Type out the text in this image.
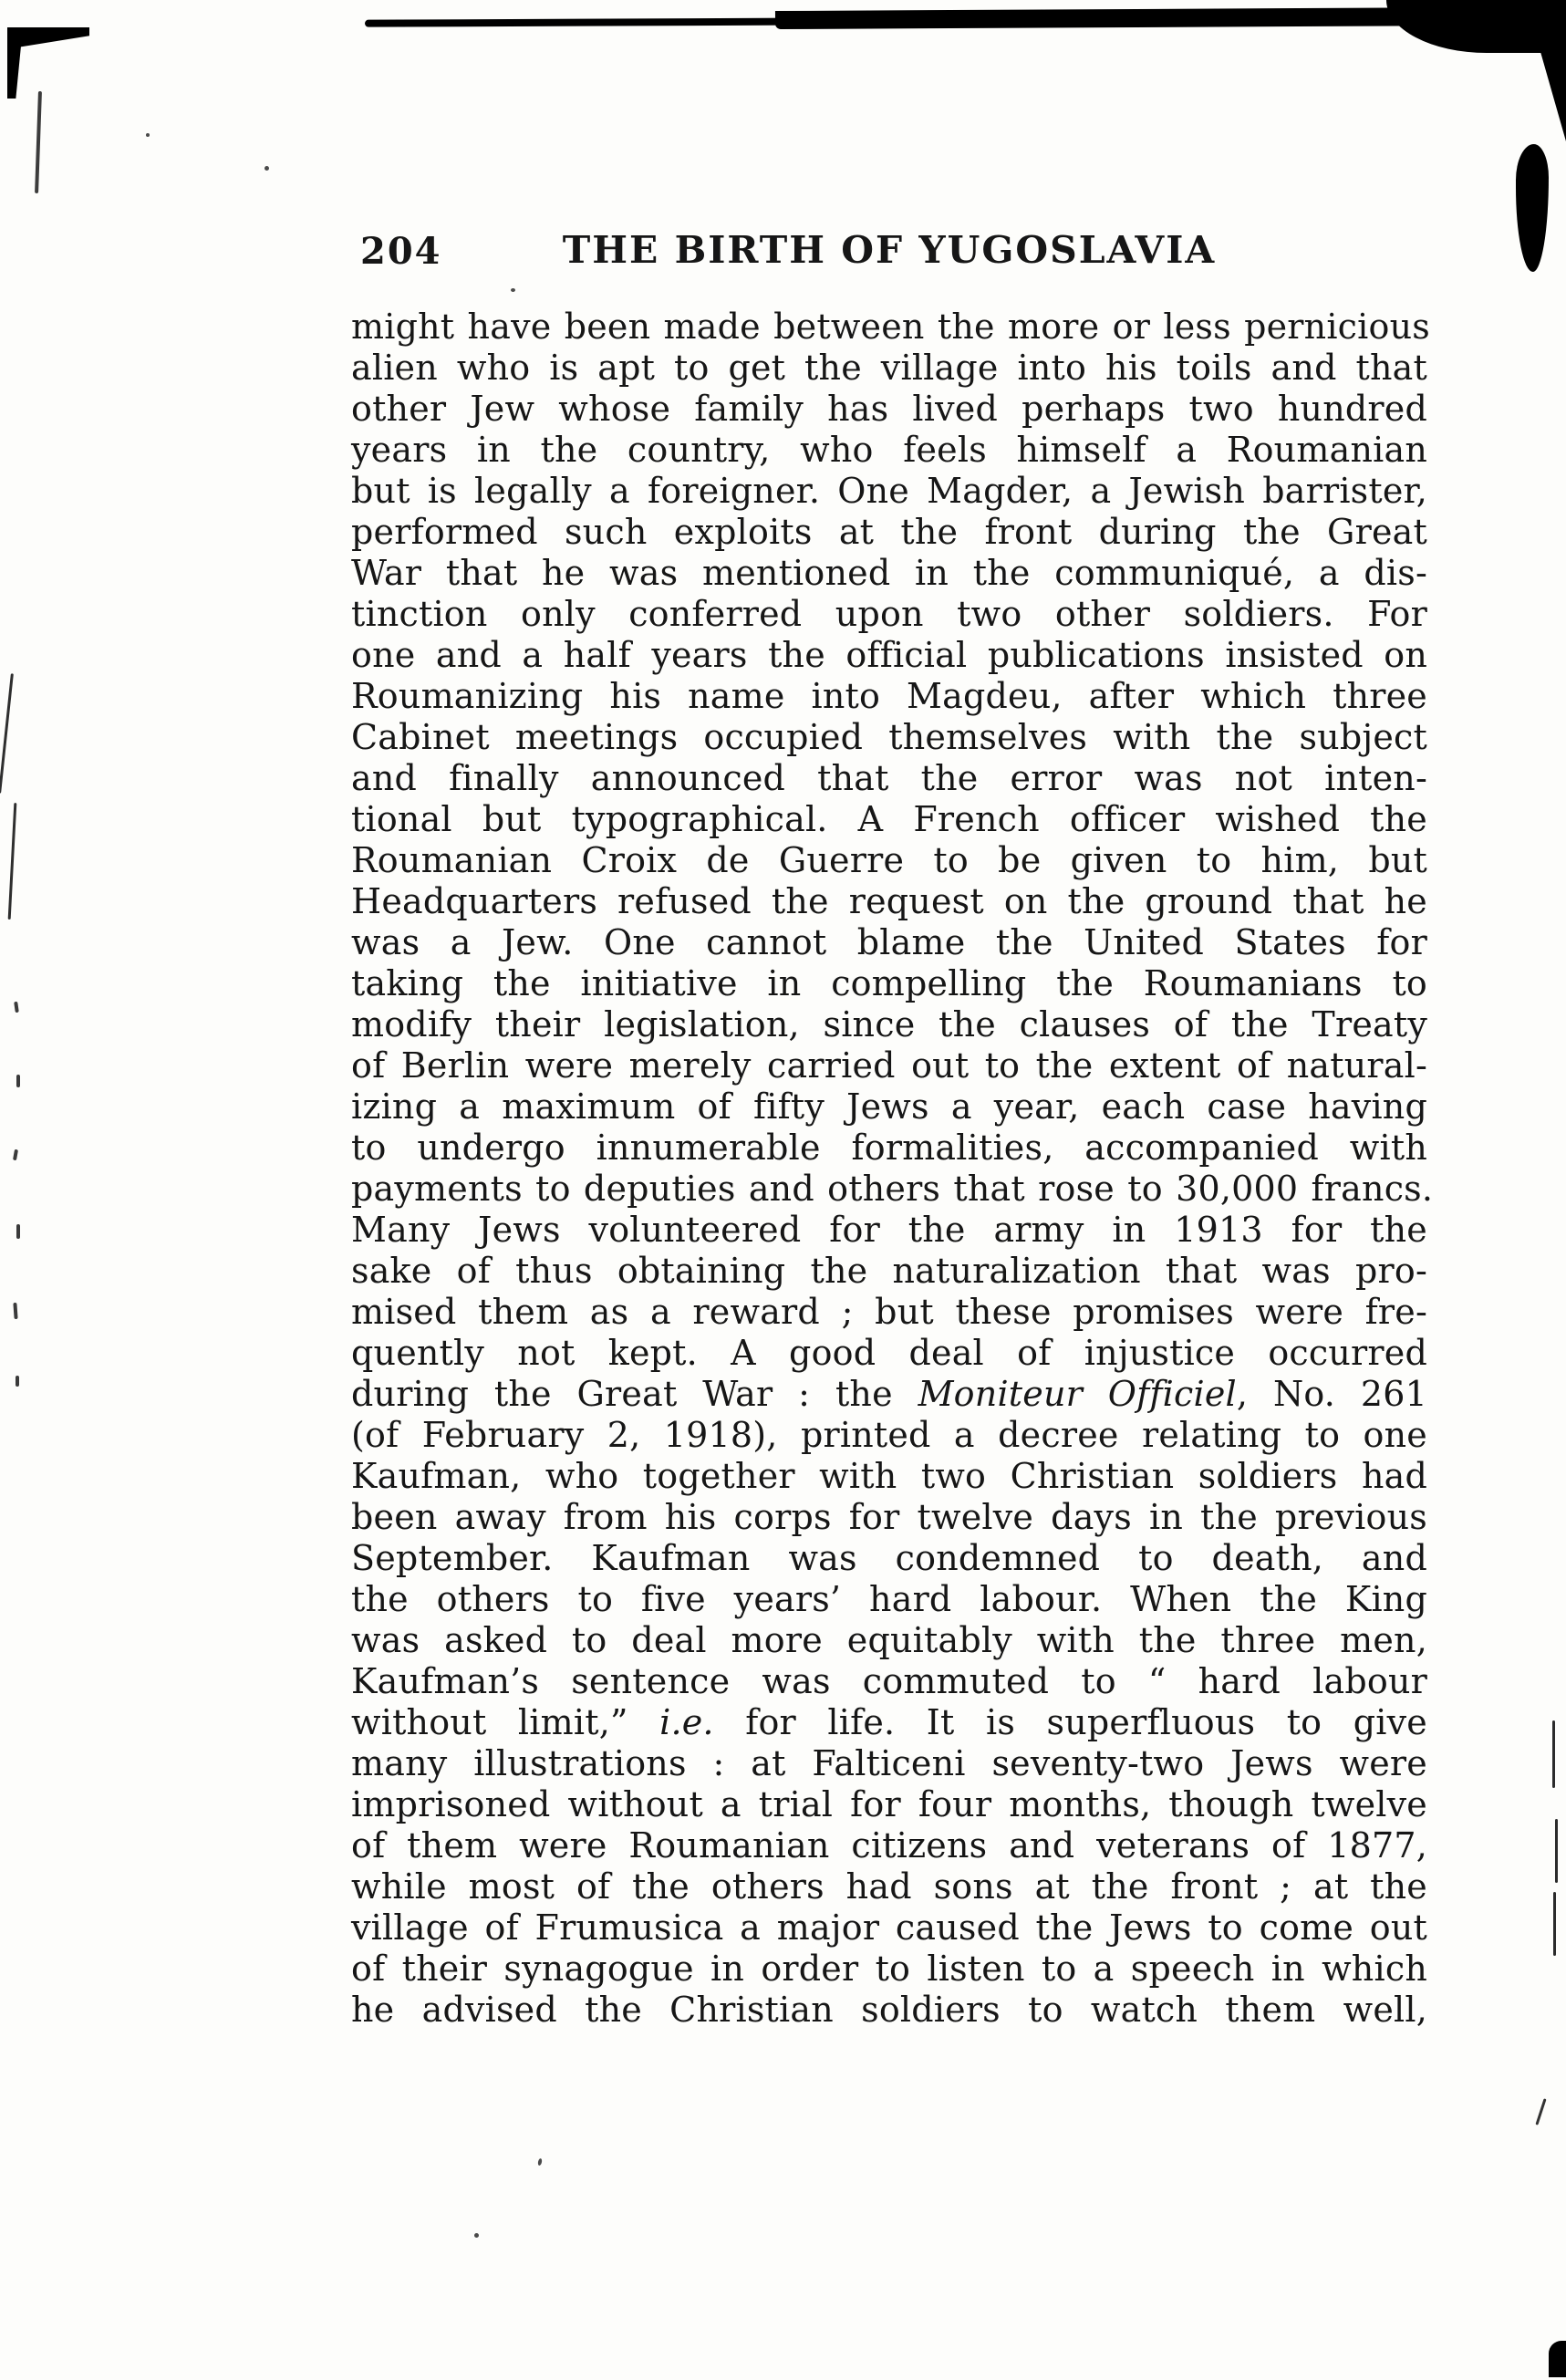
204	THE BIRTH OF YUGOSLAVIA
might have been made between the more or less pernicious
alien who is apt to get the village into his toils and that
other Jew whose family has lived perhaps two hundred
years in the country, who feels himself a Roumanian
but is legally a foreigner. One Magder, a Jewish barrister,
performed such exploits at the front during the Great
War that he was mentioned in the communiqué, a dis-
tinction only conferred upon two other soldiers. For
one and a half years the official publications insisted on
Roumanizing his name into Magdeu, after which three
Cabinet meetings occupied themselves with the subject
and finally announced that the error was not inten-
tional but typographical. A French officer wished the
Roumanian Croix de Guerre to be given to him, but
Headquarters refused the request on the ground that he
was a Jew. One cannot blame the United States for
taking the initiative in compelling the Roumanians to
modify their legislation, since the clauses of the Treaty
of Berlin were merely carried out to the extent of natural-
izing a maximum of fifty Jews a year, each case having
to undergo innumerable formalities, accompanied with
payments to deputies and others that rose to 30,000 francs.
Many Jews volunteered for the army in 1913 for the
sake of thus obtaining the naturalization that was pro-
mised them as a reward ; but these promises were fre-
quently not kept. A good deal of injustice occurred
during the Great War : the Moniteur Officiel, No. 261
(of February 2, 1918), printed a decree relating to one
Kaufman, who together with two Christian soldiers had
been away from his corps for twelve days in the previous
September. Kaufman was condemned to death, and
the others to five years’ hard labour. When the King
was asked to deal more equitably with the three men,
Kaufman’s sentence was commuted to “ hard labour
without limit,” i.e. for life. It is superfluous to give
many illustrations : at Falticeni seventy-two Jews were
imprisoned without a trial for four months, though twelve
of them were Roumanian citizens and veterans of 1877,
while most of the others had sons at the front ; at the
village of Frumusica a major caused the Jews to come out
of their synagogue in order to listen to a speech in which
he advised the Christian soldiers to watch them well,
